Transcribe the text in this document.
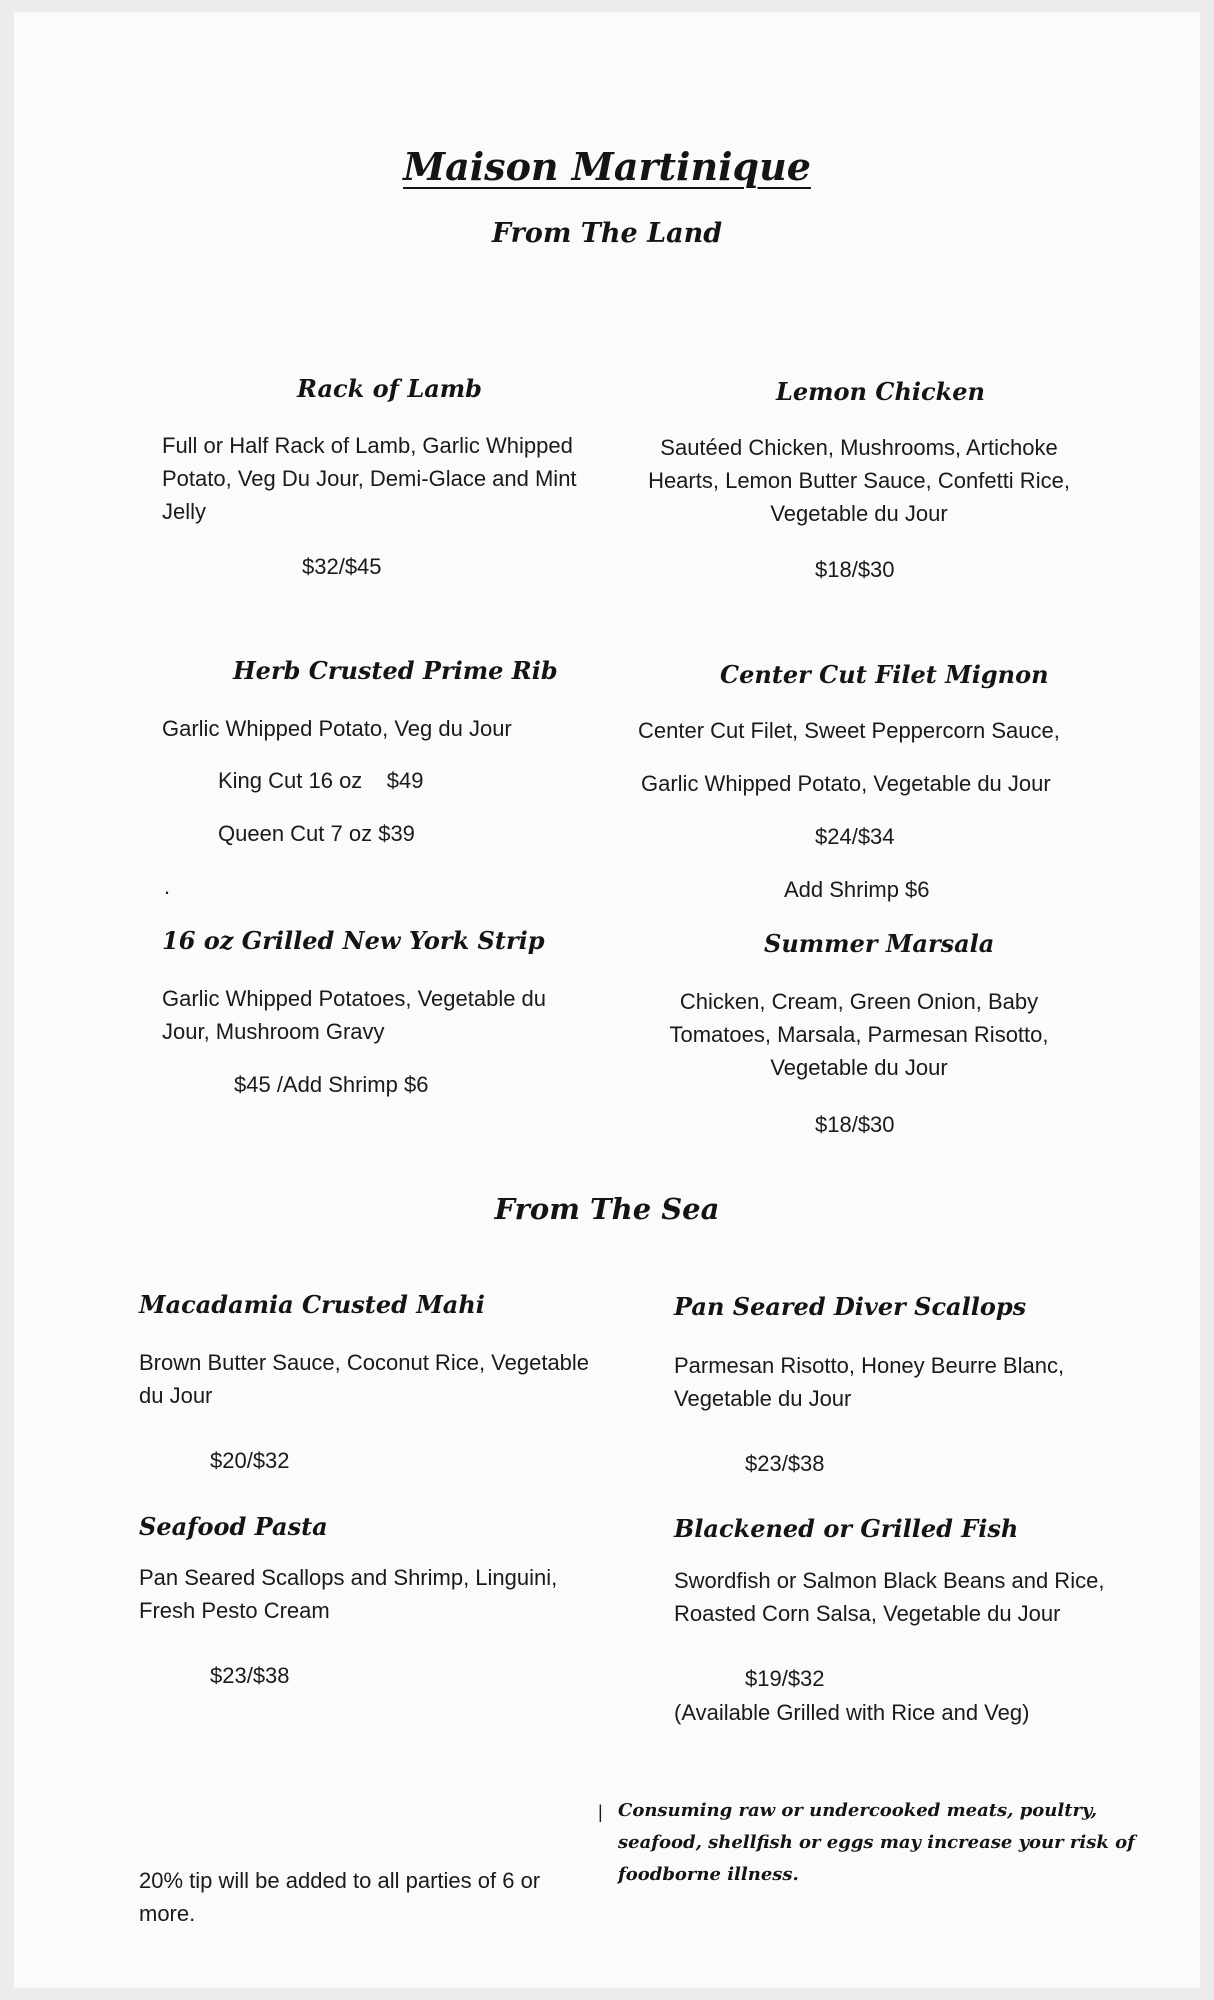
Maison Martinique
From The Land
Rack of Lamb
Full or Half Rack of Lamb, Garlic Whipped Potato, Veg Du Jour, Demi-Glace and Mint Jelly
$32/$45
Lemon Chicken
Sautéed Chicken, Mushrooms, Artichoke Hearts, Lemon Butter Sauce, Confetti Rice, Vegetable du Jour
$18/$30
Herb Crusted Prime Rib
Garlic Whipped Potato, Veg du Jour
King Cut 16 oz    $49
Queen Cut 7 oz $39
.
Center Cut Filet Mignon
Center Cut Filet, Sweet Peppercorn Sauce,
Garlic Whipped Potato, Vegetable du Jour
$24/$34
Add Shrimp $6
16 oz Grilled New York Strip
Garlic Whipped Potatoes, Vegetable du Jour, Mushroom Gravy
$45 /Add Shrimp $6
Summer Marsala
Chicken, Cream, Green Onion, Baby Tomatoes, Marsala, Parmesan Risotto, Vegetable du Jour
$18/$30
From The Sea
Macadamia Crusted Mahi
Brown Butter Sauce, Coconut Rice, Vegetable du Jour
$20/$32
Pan Seared Diver Scallops
Parmesan Risotto, Honey Beurre Blanc, Vegetable du Jour
$23/$38
Seafood Pasta
Pan Seared Scallops and Shrimp, Linguini, Fresh Pesto Cream
$23/$38
Blackened or Grilled Fish
Swordfish or Salmon Black Beans and Rice, Roasted Corn Salsa, Vegetable du Jour
$19/$32
(Available Grilled with Rice and Veg)
| Consuming raw or undercooked meats, poultry, seafood, shellfish or eggs may increase your risk of foodborne illness.
20% tip will be added to all parties of 6 or more.
